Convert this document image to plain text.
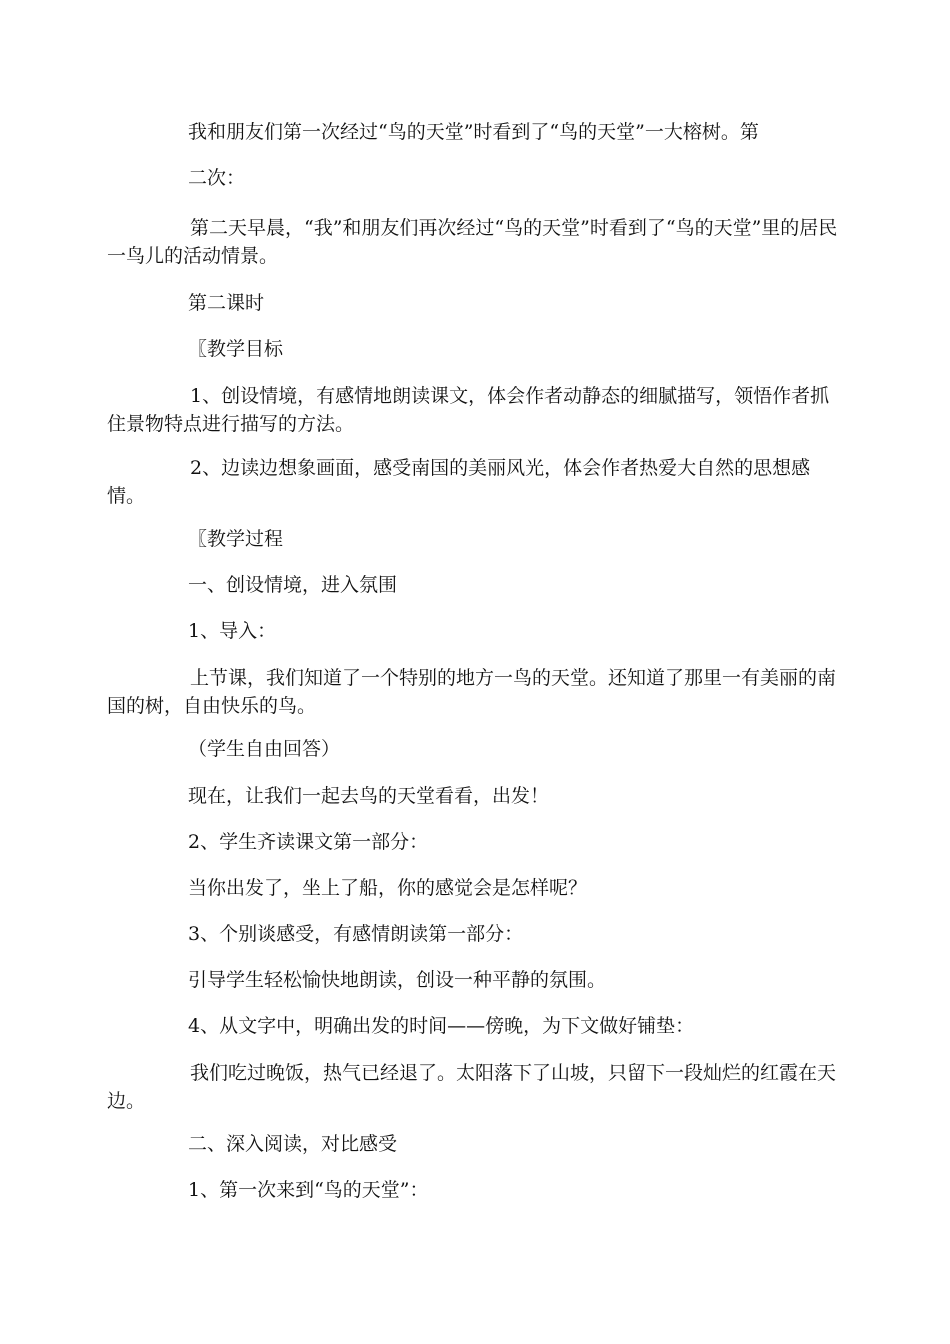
我和朋友们第一次经过“鸟的天堂”时看到了“鸟的天堂”一大榕树。第

二次：

第二天早晨，“我”和朋友们再次经过“鸟的天堂”时看到了“鸟的天堂”里的居民一鸟儿的活动情景。

第二课时

〖教学目标

1、创设情境，有感情地朗读课文，体会作者动静态的细腻描写，领悟作者抓住景物特点进行描写的方法。

2、边读边想象画面，感受南国的美丽风光，体会作者热爱大自然的思想感情。

〖教学过程

一、创设情境，进入氛围

1、导入：

上节课，我们知道了一个特别的地方一鸟的天堂。还知道了那里一有美丽的南国的树，自由快乐的鸟。

（学生自由回答）

现在，让我们一起去鸟的天堂看看，出发！

2、学生齐读课文第一部分：

当你出发了，坐上了船，你的感觉会是怎样呢？

3、个别谈感受，有感情朗读第一部分：

引导学生轻松愉快地朗读，创设一种平静的氛围。

4、从文字中，明确出发的时间——傍晚，为下文做好铺垫：

我们吃过晚饭，热气已经退了。太阳落下了山坡，只留下一段灿烂的红霞在天边。

二、深入阅读，对比感受

1、第一次来到“鸟的天堂”：
